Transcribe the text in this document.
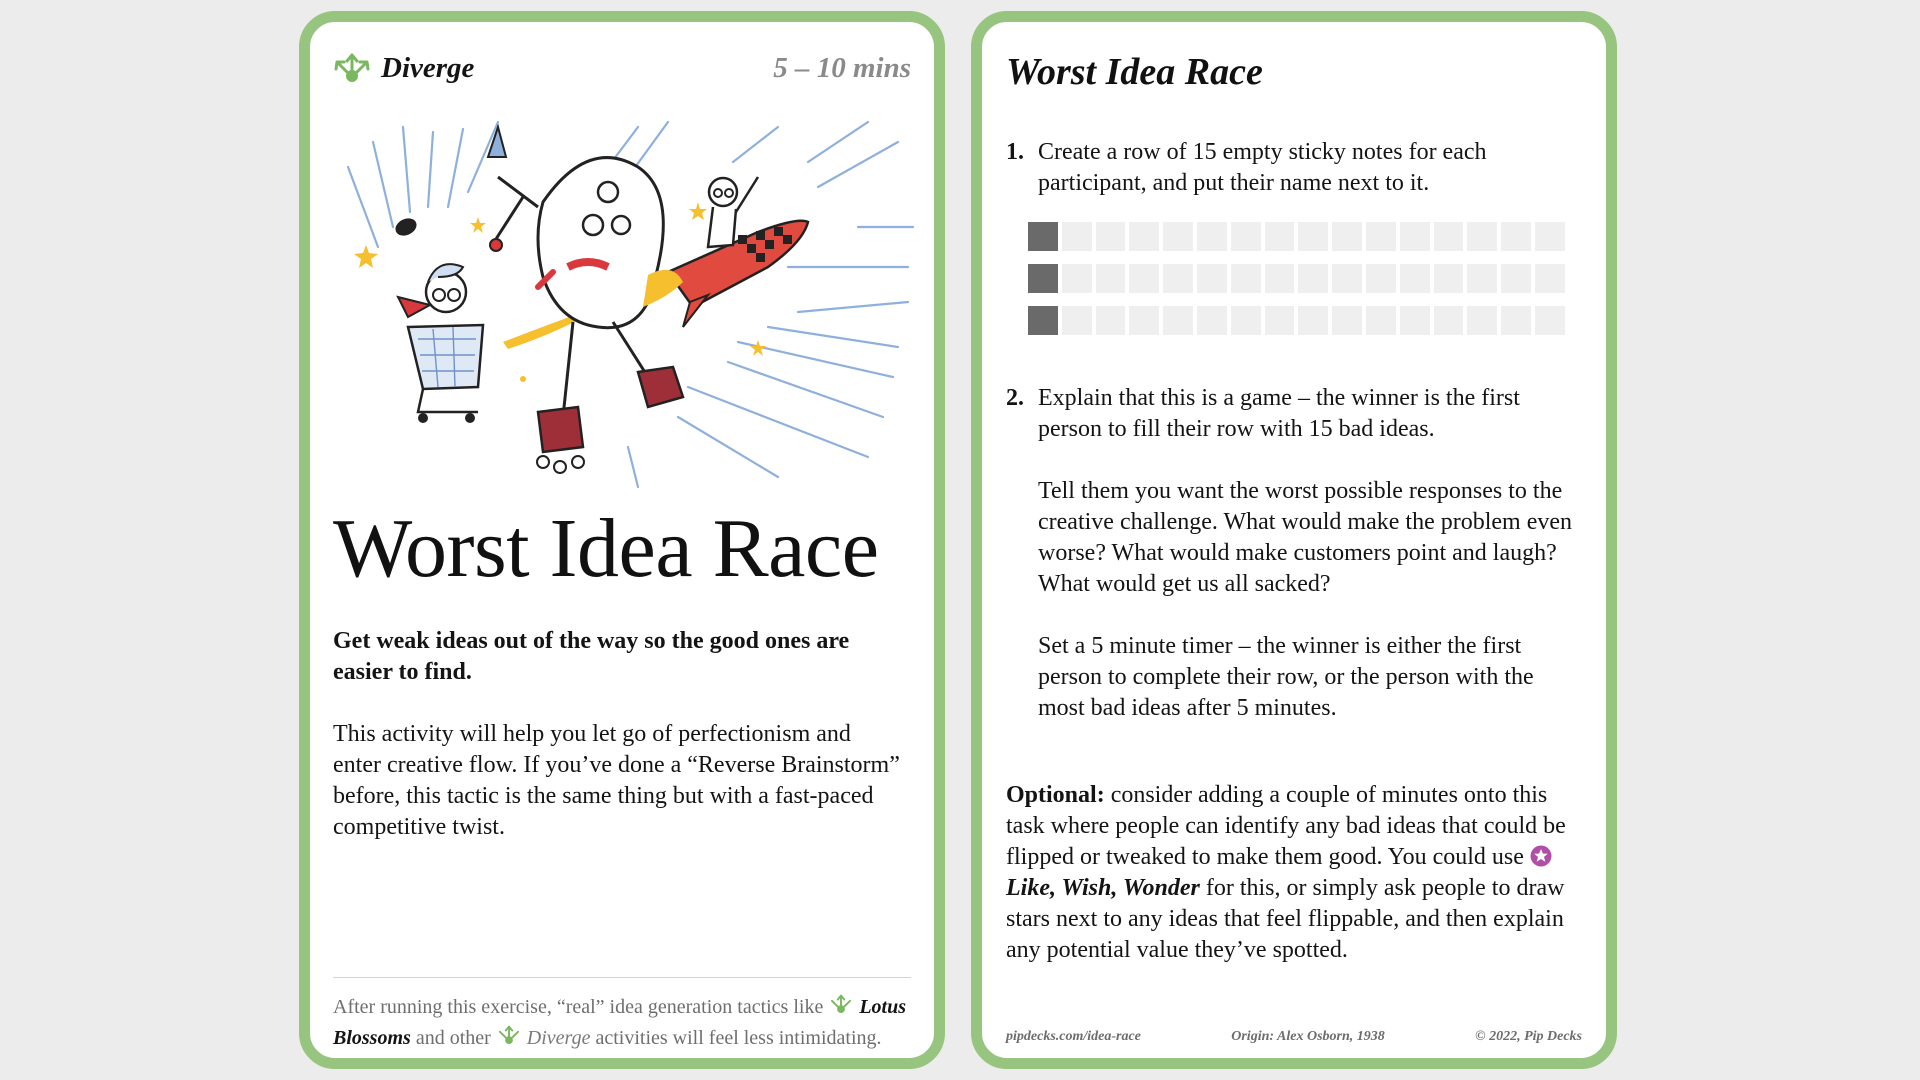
Diverge	5 – 10 mins
Worst Idea Race

Get weak ideas out of the way so the good ones are easier to find.

This activity will help you let go of perfectionism and enter creative flow. If you’ve done a “Reverse Brainstorm” before, this tactic is the same thing but with a fast-paced competitive twist.

After running this exercise, “real” idea generation tactics like Lotus Blossoms and other Diverge activities will feel less intimidating.
Worst Idea Race
1. Create a row of 15 empty sticky notes for each participant, and put their name next to it.

2. Explain that this is a game – the winner is the first person to fill their row with 15 bad ideas.

Tell them you want the worst possible responses to the creative challenge. What would make the problem even worse? What would make customers point and laugh? What would get us all sacked?

Set a 5 minute timer – the winner is either the first person to complete their row, or the person with the most bad ideas after 5 minutes.

Optional: consider adding a couple of minutes onto this task where people can identify any bad ideas that could be flipped or tweaked to make them good. You could use Like, Wish, Wonder for this, or simply ask people to draw stars next to any ideas that feel flippable, and then explain any potential value they’ve spotted.

pipdecks.com/idea-race	Origin: Alex Osborn, 1938	© 2022, Pip Decks
